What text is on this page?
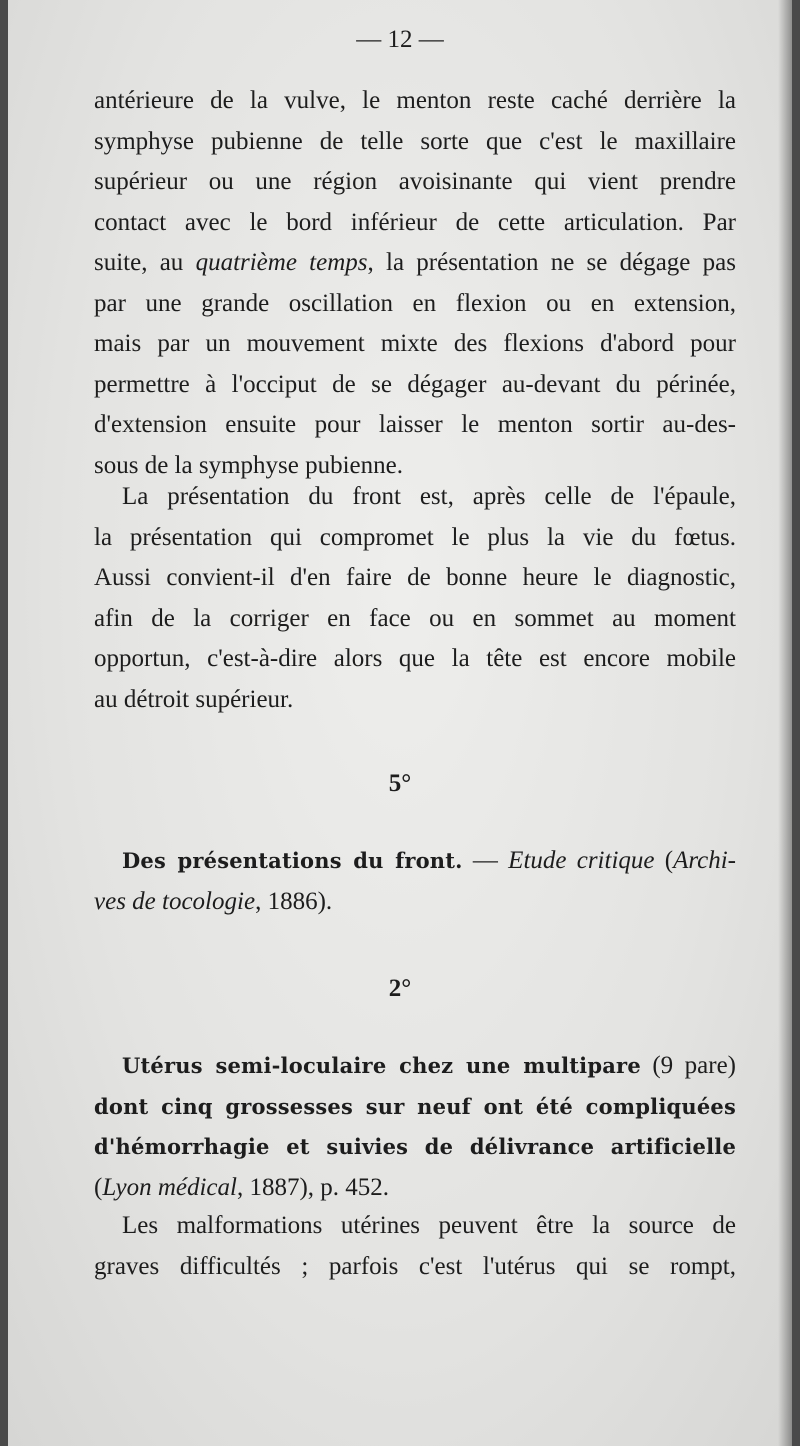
— 12 —
antérieure de la vulve, le menton reste caché derrière la
symphyse pubienne de telle sorte que c'est le maxillaire
supérieur ou une région avoisinante qui vient prendre
contact avec le bord inférieur de cette articulation. Par
suite, au quatrième temps, la présentation ne se dégage pas
par une grande oscillation en flexion ou en extension,
mais par un mouvement mixte des flexions d'abord pour
permettre à l'occiput de se dégager au-devant du périnée,
d'extension ensuite pour laisser le menton sortir au-des-
sous de la symphyse pubienne.
La présentation du front est, après celle de l'épaule,
la présentation qui compromet le plus la vie du fœtus.
Aussi convient-il d'en faire de bonne heure le diagnostic,
afin de la corriger en face ou en sommet au moment
opportun, c'est-à-dire alors que la tête est encore mobile
au détroit supérieur.
5°
Des présentations du front. — Etude critique (Archi-
ves de tocologie, 1886).
2°
Utérus semi-loculaire chez une multipare (9 pare)
dont cinq grossesses sur neuf ont été compliquées
d'hémorrhagie et suivies de délivrance artificielle
(Lyon médical, 1887), p. 452.
Les malformations utérines peuvent être la source de
graves difficultés ; parfois c'est l'utérus qui se rompt,
